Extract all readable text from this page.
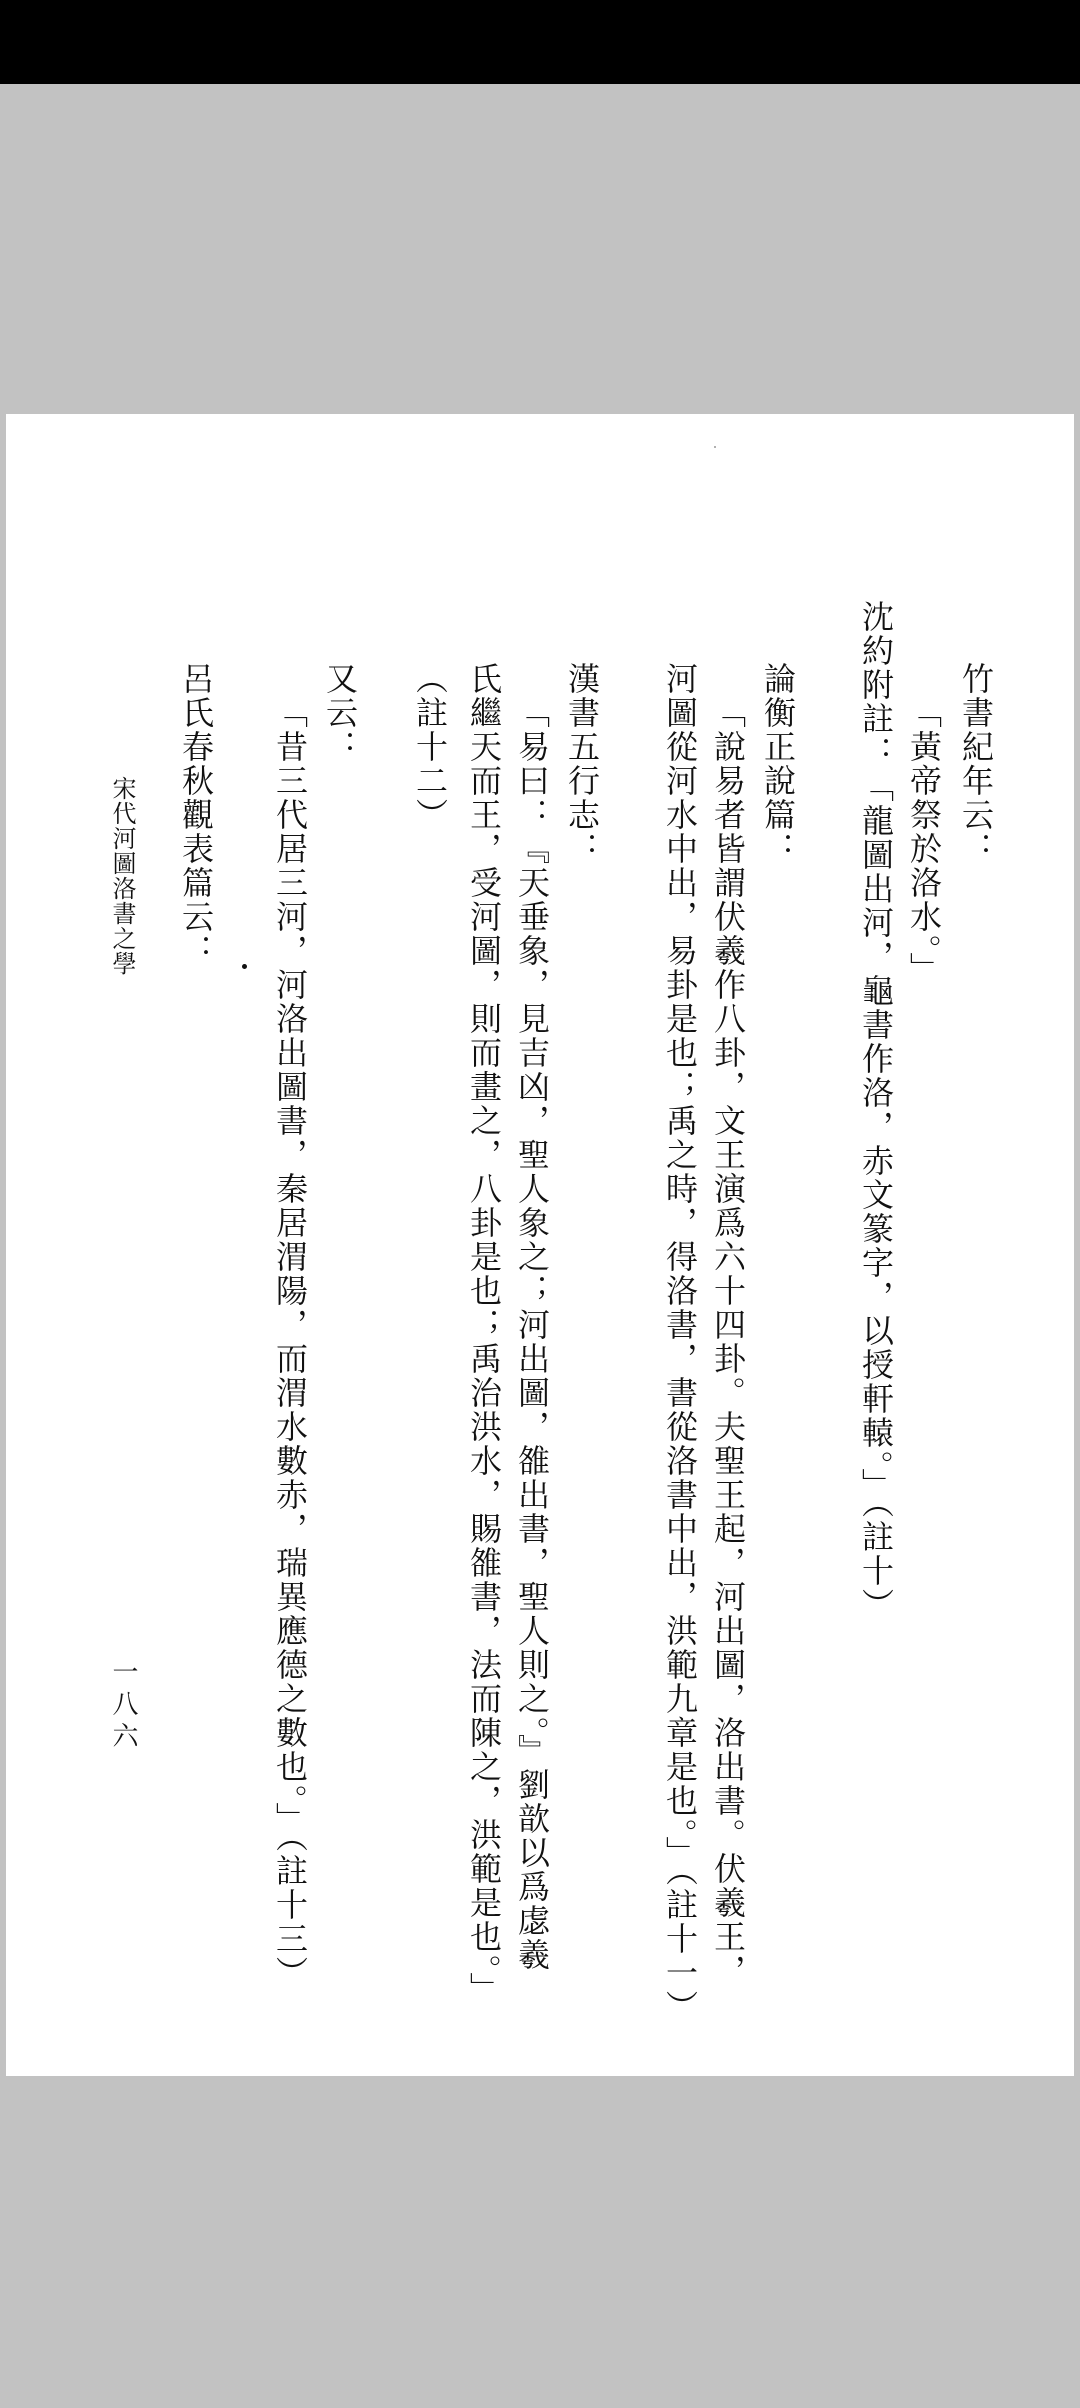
竹書紀年云：
「黃帝祭於洛水。」
沈約附註：「龍圖出河，龜書作洛，赤文篆字，以授軒轅。」（註十）
論衡正說篇：
「說易者皆謂伏羲作八卦，文王演爲六十四卦。夫聖王起，河出圖，洛出書。伏羲王，
河圖從河水中出，易卦是也；禹之時，得洛書，書從洛書中出，洪範九章是也。」（註十一）
漢書五行志：
「易曰：『天垂象，見吉凶，聖人象之；河出圖，雒出書，聖人則之。』劉歆以爲虙羲
氏繼天而王，受河圖，則而畫之，八卦是也；禹治洪水，賜雒書，法而陳之，洪範是也。」
（註十二）
又云：
「昔三代居三河，河洛出圖書，秦居渭陽，而渭水數赤，瑞異應德之數也。」（註十三）
呂氏春秋觀表篇云：
宋代河圖洛書之學
一八六
